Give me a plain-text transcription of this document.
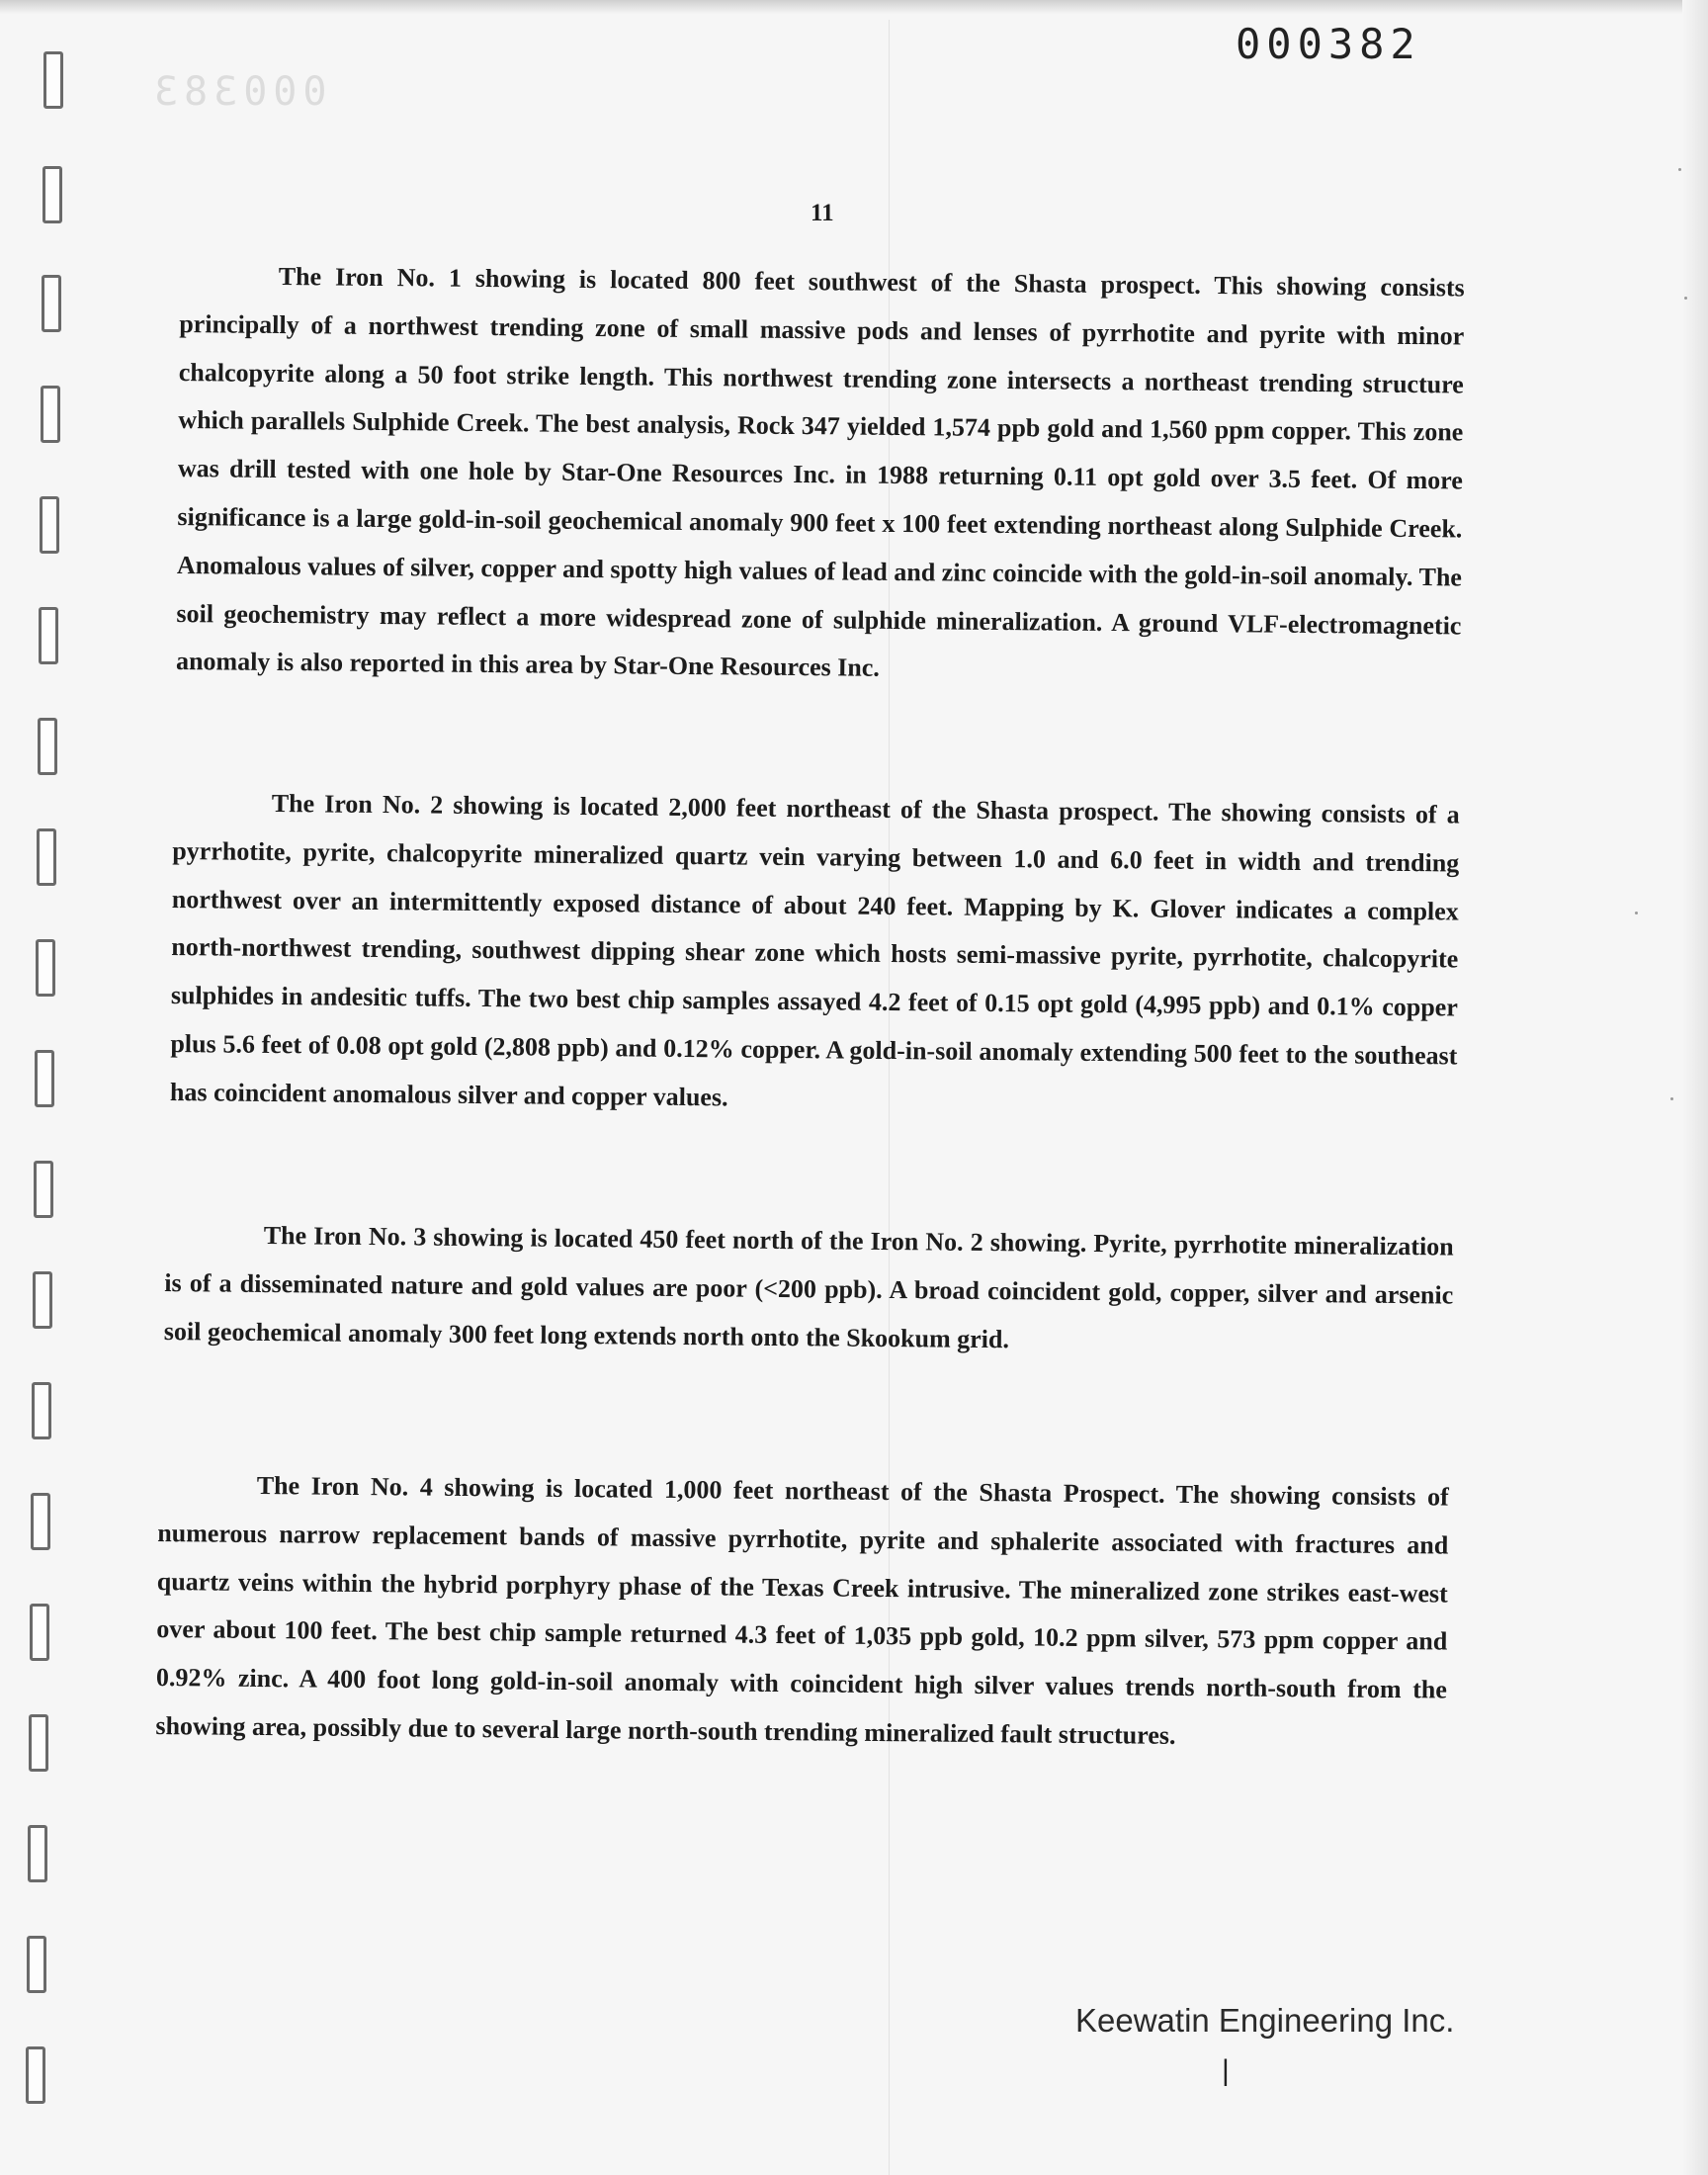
000382
000383
11

The Iron No. 1 showing is located 800 feet southwest of the Shasta prospect. This showing consists principally of a northwest trending zone of small massive pods and lenses of pyrrhotite and pyrite with minor chalcopyrite along a 50 foot strike length. This northwest trending zone intersects a northeast trending structure which parallels Sulphide Creek. The best analysis, Rock 347 yielded 1,574 ppb gold and 1,560 ppm copper. This zone was drill tested with one hole by Star-One Resources Inc. in 1988 returning 0.11 opt gold over 3.5 feet. Of more significance is a large gold-in-soil geochemical anomaly 900 feet x 100 feet extending northeast along Sulphide Creek. Anomalous values of silver, copper and spotty high values of lead and zinc coincide with the gold-in-soil anomaly. The soil geochemistry may reflect a more widespread zone of sulphide mineralization. A ground VLF-electromagnetic anomaly is also reported in this area by Star-One Resources Inc.

The Iron No. 2 showing is located 2,000 feet northeast of the Shasta prospect. The showing consists of a pyrrhotite, pyrite, chalcopyrite mineralized quartz vein varying between 1.0 and 6.0 feet in width and trending northwest over an intermittently exposed distance of about 240 feet. Mapping by K. Glover indicates a complex north-northwest trending, southwest dipping shear zone which hosts semi-massive pyrite, pyrrhotite, chalcopyrite sulphides in andesitic tuffs. The two best chip samples assayed 4.2 feet of 0.15 opt gold (4,995 ppb) and 0.1% copper plus 5.6 feet of 0.08 opt gold (2,808 ppb) and 0.12% copper. A gold-in-soil anomaly extending 500 feet to the southeast has coincident anomalous silver and copper values.

The Iron No. 3 showing is located 450 feet north of the Iron No. 2 showing. Pyrite, pyrrhotite mineralization is of a disseminated nature and gold values are poor (<200 ppb). A broad coincident gold, copper, silver and arsenic soil geochemical anomaly 300 feet long extends north onto the Skookum grid.

The Iron No. 4 showing is located 1,000 feet northeast of the Shasta Prospect. The showing consists of numerous narrow replacement bands of massive pyrrhotite, pyrite and sphalerite associated with fractures and quartz veins within the hybrid porphyry phase of the Texas Creek intrusive. The mineralized zone strikes east-west over about 100 feet. The best chip sample returned 4.3 feet of 1,035 ppb gold, 10.2 ppm silver, 573 ppm copper and 0.92% zinc. A 400 foot long gold-in-soil anomaly with coincident high silver values trends north-south from the showing area, possibly due to several large north-south trending mineralized fault structures.

Keewatin Engineering Inc.
|
